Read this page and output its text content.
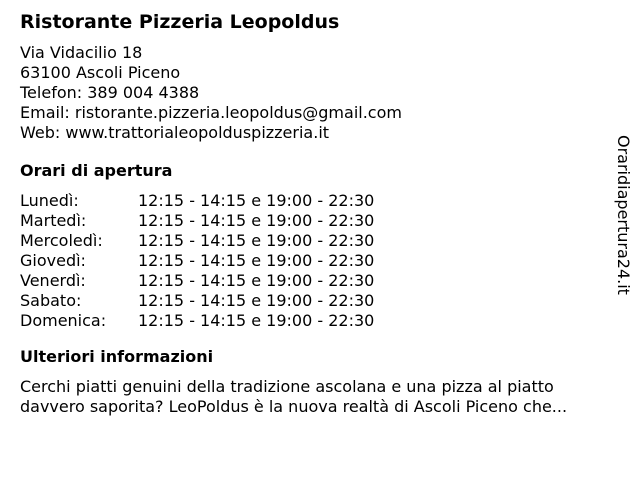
Ristorante Pizzeria Leopoldus
Via Vidacilio 18
63100 Ascoli Piceno
Telefon: 389 004 4388
Email: ristorante.pizzeria.leopoldus@gmail.com
Web: www.trattorialeopolduspizzeria.it
Orari di apertura
Lunedì:	12:15 - 14:15 e 19:00 - 22:30
Martedì:	12:15 - 14:15 e 19:00 - 22:30
Mercoledì:	12:15 - 14:15 e 19:00 - 22:30
Giovedì:	12:15 - 14:15 e 19:00 - 22:30
Venerdì:	12:15 - 14:15 e 19:00 - 22:30
Sabato:	12:15 - 14:15 e 19:00 - 22:30
Domenica:	12:15 - 14:15 e 19:00 - 22:30
Ulteriori informazioni

Cerchi piatti genuini della tradizione ascolana e una pizza al piatto davvero saporita? LeoPoldus è la nuova realtà di Ascoli Piceno che...

Oraridiapertura24.it
